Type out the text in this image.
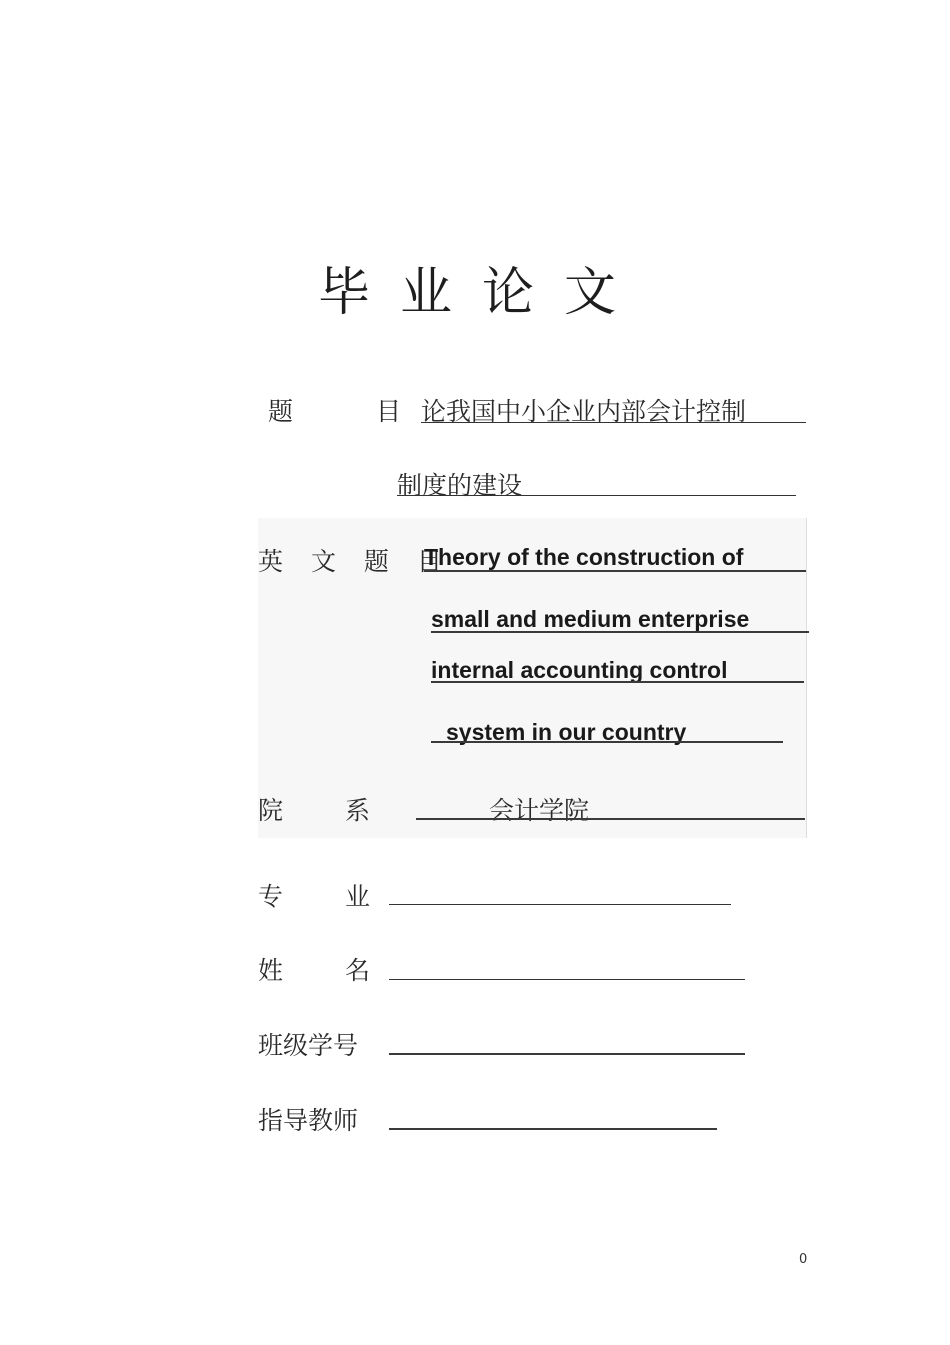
毕业论文
题	目 论我国中小企业内部会计控制
制度的建设
英 文 题 目
Theory of the construction of
small and medium enterprise
internal accounting control
system in our country
院 系	会计学院
专 业
姓 名
班级学号
指导教师
0
